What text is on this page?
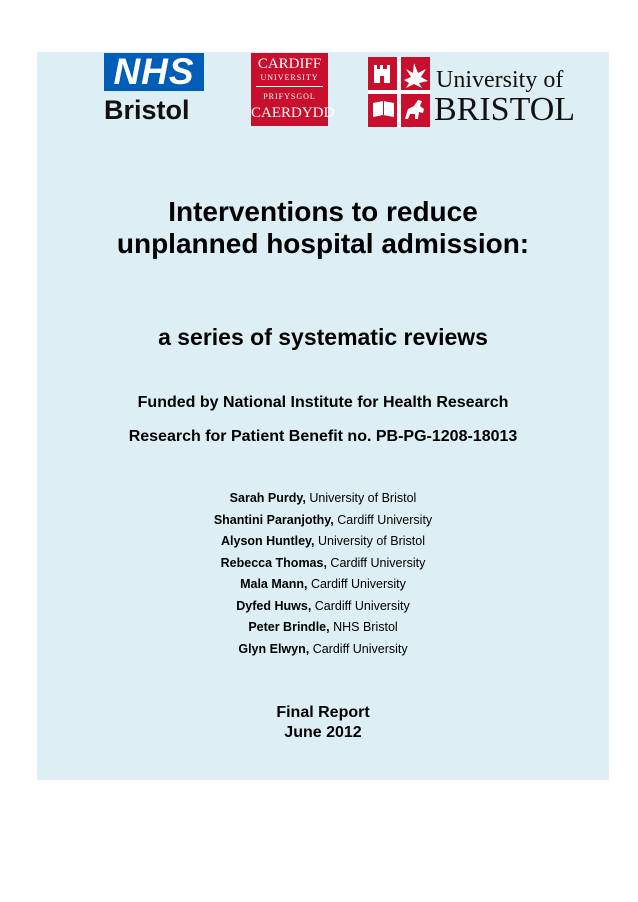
NHS
Bristol
CARDIFF
UNIVERSITY
PRIFYSGOL
CAERDYDD
University of
BRISTOL
Interventions to reduce
unplanned hospital admission:
a series of systematic reviews
Funded by National Institute for Health Research
Research for Patient Benefit no. PB-PG-1208-18013
Sarah Purdy, University of Bristol
Shantini Paranjothy, Cardiff University
Alyson Huntley, University of Bristol
Rebecca Thomas, Cardiff University
Mala Mann, Cardiff University
Dyfed Huws, Cardiff University
Peter Brindle, NHS Bristol
Glyn Elwyn, Cardiff University
Final Report
June 2012
